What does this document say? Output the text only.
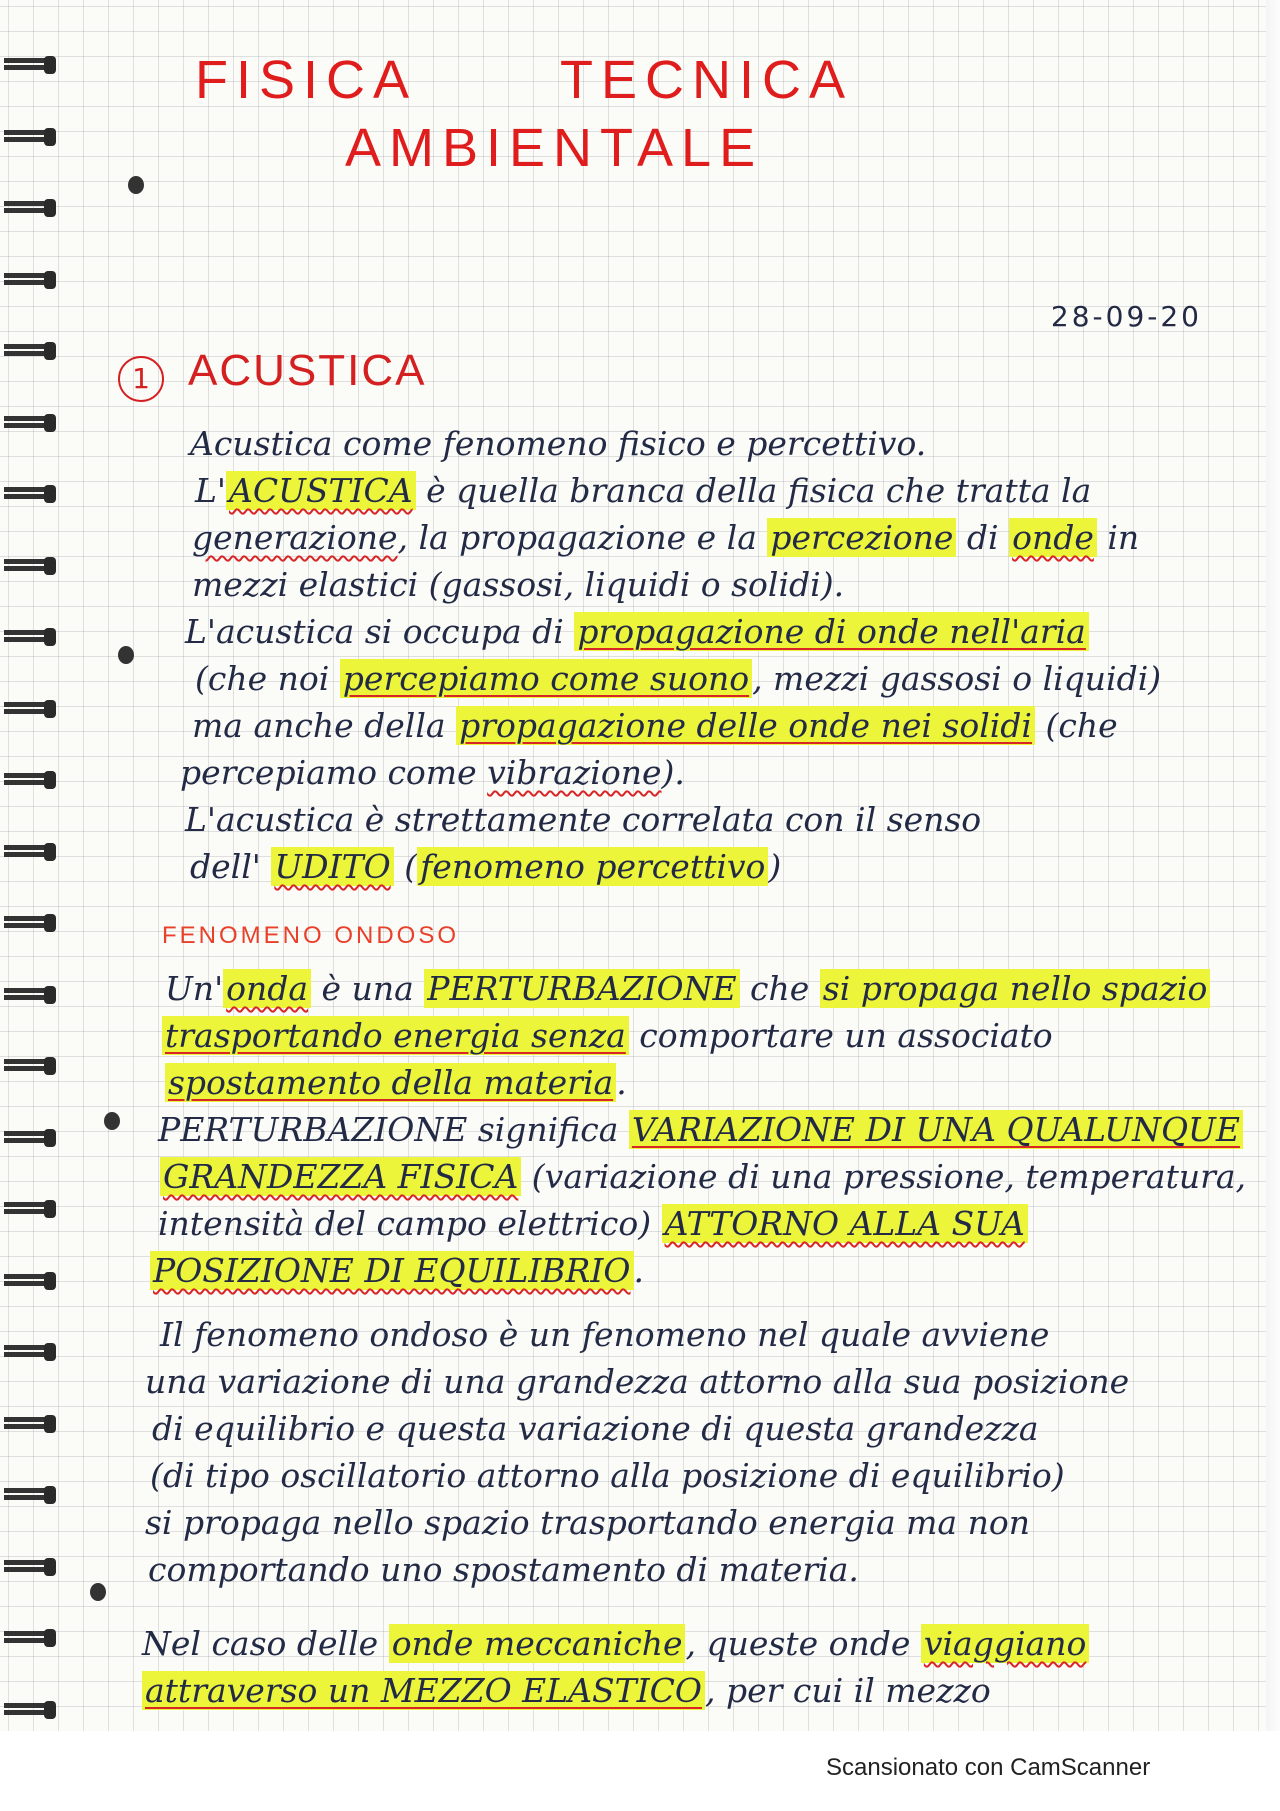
FISICA	TECNICA
AMBIENTALE
28-09-20
1 ACUSTICA
Acustica come fenomeno fisico e percettivo.
L'ACUSTICA è quella branca della fisica che tratta la
generazione, la propagazione e la percezione di onde in
mezzi elastici (gassosi, liquidi o solidi).
L'acustica si occupa di propagazione di onde nell'aria
(che noi percepiamo come suono, mezzi gassosi o liquidi)
ma anche della propagazione delle onde nei solidi (che
percepiamo come vibrazione).
L'acustica è strettamente correlata con il senso
dell' UDITO (fenomeno percettivo)
FENOMENO ONDOSO
Un'onda è una PERTURBAZIONE che si propaga nello spazio
trasportando energia senza comportare un associato
spostamento della materia.
PERTURBAZIONE significa VARIAZIONE DI UNA QUALUNQUE
GRANDEZZA FISICA (variazione di una pressione, temperatura,
intensità del campo elettrico) ATTORNO ALLA SUA
POSIZIONE DI EQUILIBRIO.
Il fenomeno ondoso è un fenomeno nel quale avviene
una variazione di una grandezza attorno alla sua posizione
di equilibrio e questa variazione di questa grandezza
(di tipo oscillatorio attorno alla posizione di equilibrio)
si propaga nello spazio trasportando energia ma non
comportando uno spostamento di materia.
Nel caso delle onde meccaniche, queste onde viaggiano
attraverso un MEZZO ELASTICO, per cui il mezzo
Scansionato con CamScanner
